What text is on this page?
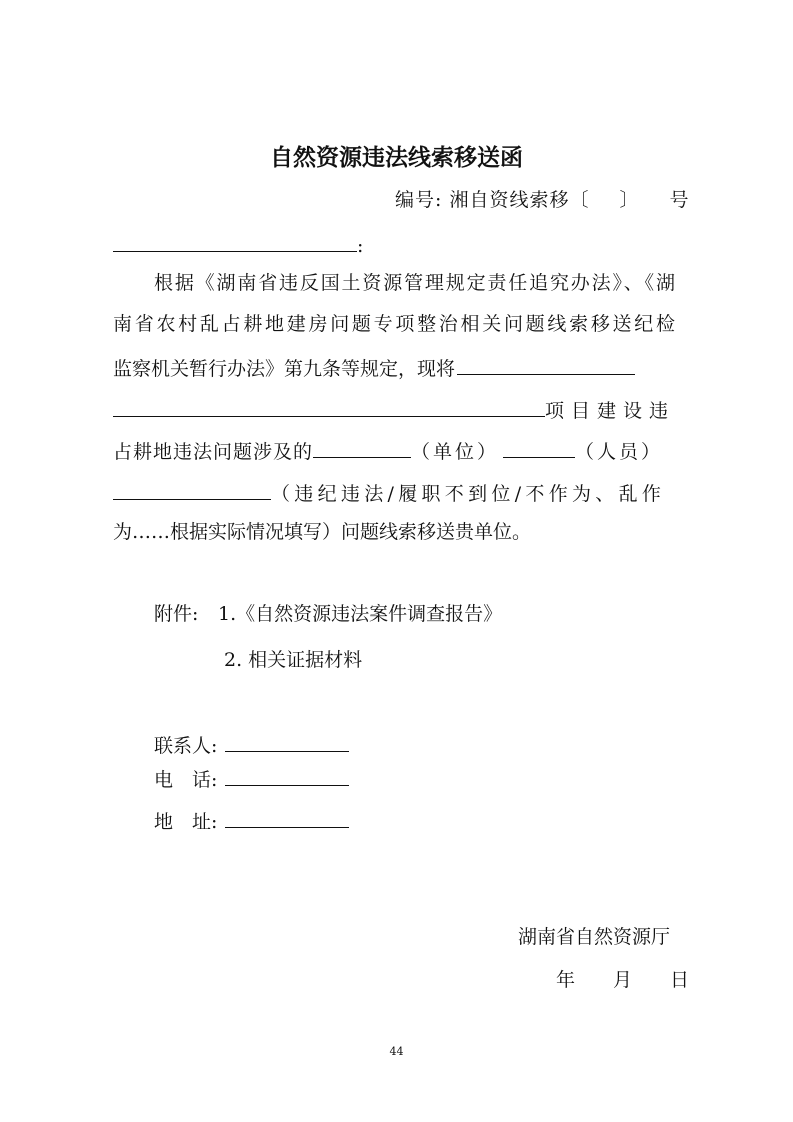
自然资源违法线索移送函
编号: 湘自资线索移〔 〕 号
:
根据《湖南省违反国土资源管理规定责任追究办法》、《湖
南省农村乱占耕地建房问题专项整治相关问题线索移送纪检
监察机关暂行办法》第九条等规定，现将
项目建设违
占耕地违法问题涉及的	（单位）	（人员）
（违纪违法/履职不到位/不作为、乱作
为……根据实际情况填写）问题线索移送贵单位。
附件:	1.《自然资源违法案件调查报告》
2. 相关证据材料
联系人:
电　话:
地　址:
湖南省自然资源厅
年　　月　　日
44
